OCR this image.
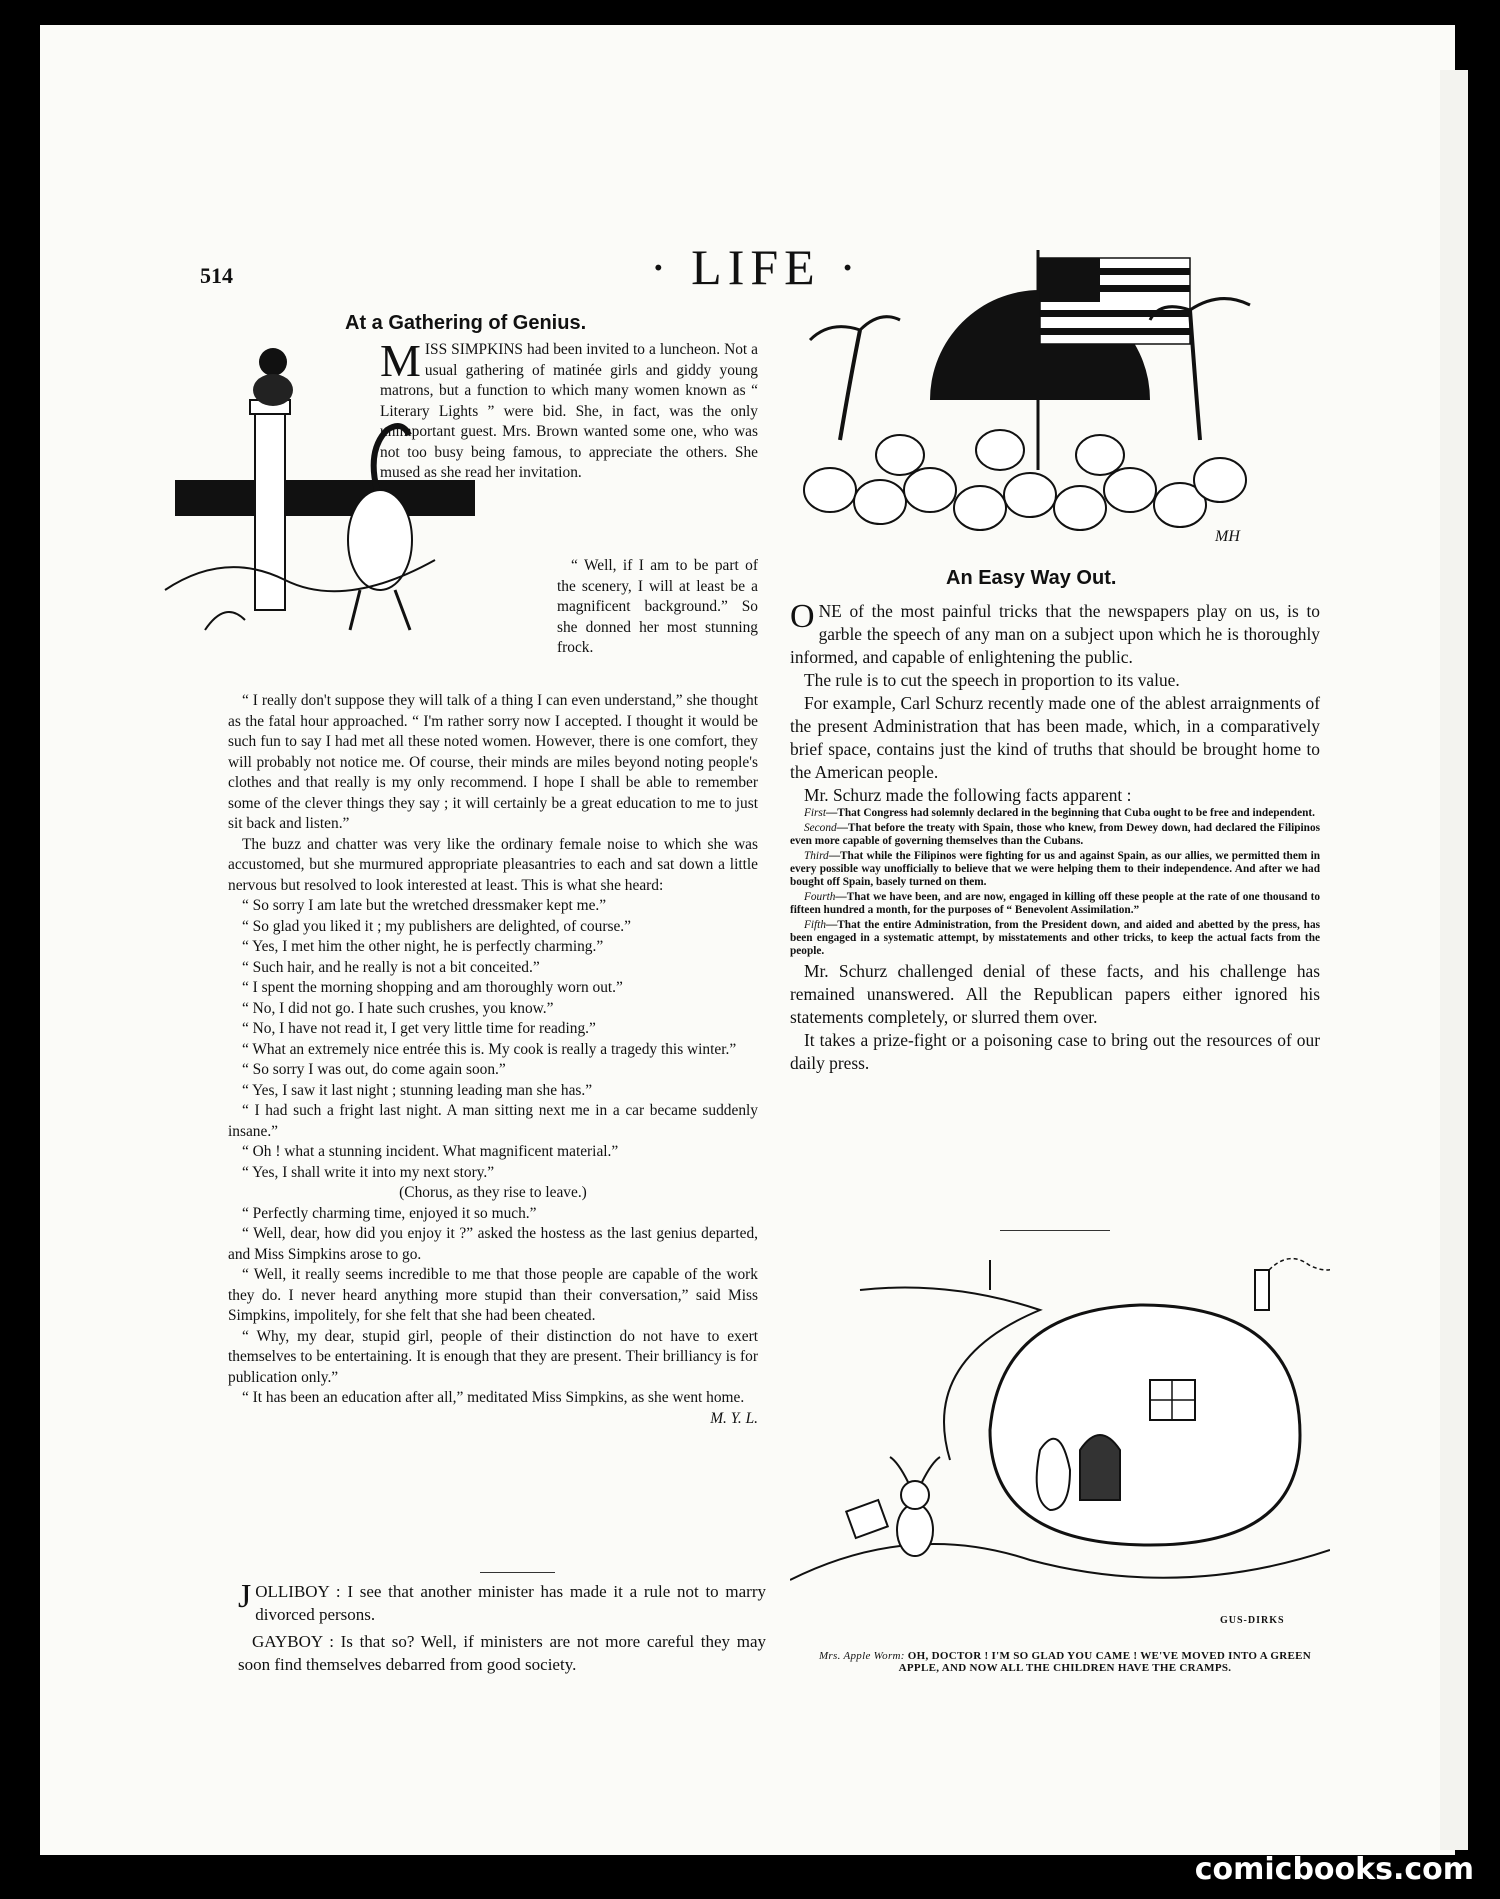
514	· LIFE ·
At a Gathering of Genius.
M ISS SIMPKINS had been invited to a luncheon. Not a usual gathering of matinée girls and giddy young matrons, but a function to which many women known as “ Literary Lights ” were bid. She, in fact, was the only unimportant guest. Mrs. Brown wanted some one, who was not too busy being famous, to appreciate the others. She mused as she read her invitation.

“ Well, if I am to be part of the scenery, I will at least be a magnificent background.” So she donned her most stunning frock.

“ I really don't suppose they will talk of a thing I can even understand,” she thought as the fatal hour approached. “ I'm rather sorry now I accepted. I thought it would be such fun to say I had met all these noted women. However, there is one comfort, they will probably not notice me. Of course, their minds are miles beyond noting people's clothes and that really is my only recommend. I hope I shall be able to remember some of the clever things they say ; it will certainly be a great education to me to just sit back and listen.”

The buzz and chatter was very like the ordinary female noise to which she was accustomed, but she murmured appropriate pleasantries to each and sat down a little nervous but resolved to look interested at least. This is what she heard:

“ So sorry I am late but the wretched dressmaker kept me.”

“ So glad you liked it ; my publishers are delighted, of course.”

“ Yes, I met him the other night, he is perfectly charming.”

“ Such hair, and he really is not a bit conceited.”

“ I spent the morning shopping and am thoroughly worn out.”

“ No, I did not go. I hate such crushes, you know.”

“ No, I have not read it, I get very little time for reading.”

“ What an extremely nice entrée this is. My cook is really a tragedy this winter.”

“ So sorry I was out, do come again soon.”

“ Yes, I saw it last night ; stunning leading man she has.”

“ I had such a fright last night. A man sitting next me in a car became suddenly insane.”

“ Oh ! what a stunning incident. What magnificent material.”

“ Yes, I shall write it into my next story.”

(Chorus, as they rise to leave.)

“ Perfectly charming time, enjoyed it so much.”

“ Well, dear, how did you enjoy it ?” asked the hostess as the last genius departed, and Miss Simpkins arose to go.

“ Well, it really seems incredible to me that those people are capable of the work they do. I never heard anything more stupid than their conversation,” said Miss Simpkins, impolitely, for she felt that she had been cheated.

“ Why, my dear, stupid girl, people of their distinction do not have to exert themselves to be entertaining. It is enough that they are present. Their brilliancy is for publication only.”

“ It has been an education after all,” meditated Miss Simpkins, as she went home.

M. Y. L.
J OLLIBOY : I see that another minister has made it a rule not to marry divorced persons.

GAYBOY : Is that so? Well, if ministers are not more careful they may soon find themselves debarred from good society.

MH
An Easy Way Out.
O NE of the most painful tricks that the newspapers play on us, is to garble the speech of any man on a subject upon which he is thoroughly informed, and capable of enlightening the public.

The rule is to cut the speech in proportion to its value.

For example, Carl Schurz recently made one of the ablest arraignments of the present Administration that has been made, which, in a comparatively brief space, contains just the kind of truths that should be brought home to the American people.

Mr. Schurz made the following facts apparent :

First—That Congress had solemnly declared in the beginning that Cuba ought to be free and independent.

Second—That before the treaty with Spain, those who knew, from Dewey down, had declared the Filipinos even more capable of governing themselves than the Cubans.

Third—That while the Filipinos were fighting for us and against Spain, as our allies, we permitted them in every possible way unofficially to believe that we were helping them to their independence. And after we had bought off Spain, basely turned on them.

Fourth—That we have been, and are now, engaged in killing off these people at the rate of one thousand to fifteen hundred a month, for the purposes of “ Benevolent Assimilation.”

Fifth—That the entire Administration, from the President down, and aided and abetted by the press, has been engaged in a systematic attempt, by misstatements and other tricks, to keep the actual facts from the people.

Mr. Schurz challenged denial of these facts, and his challenge has remained unanswered. All the Republican papers either ignored his statements completely, or slurred them over.

It takes a prize-fight or a poisoning case to bring out the resources of our daily press.

GUS-DIRKS
Mrs. Apple Worm: OH, DOCTOR ! I'M SO GLAD YOU CAME ! WE'VE MOVED INTO A GREEN APPLE, AND NOW ALL THE CHILDREN HAVE THE CRAMPS.
comicbooks.com
